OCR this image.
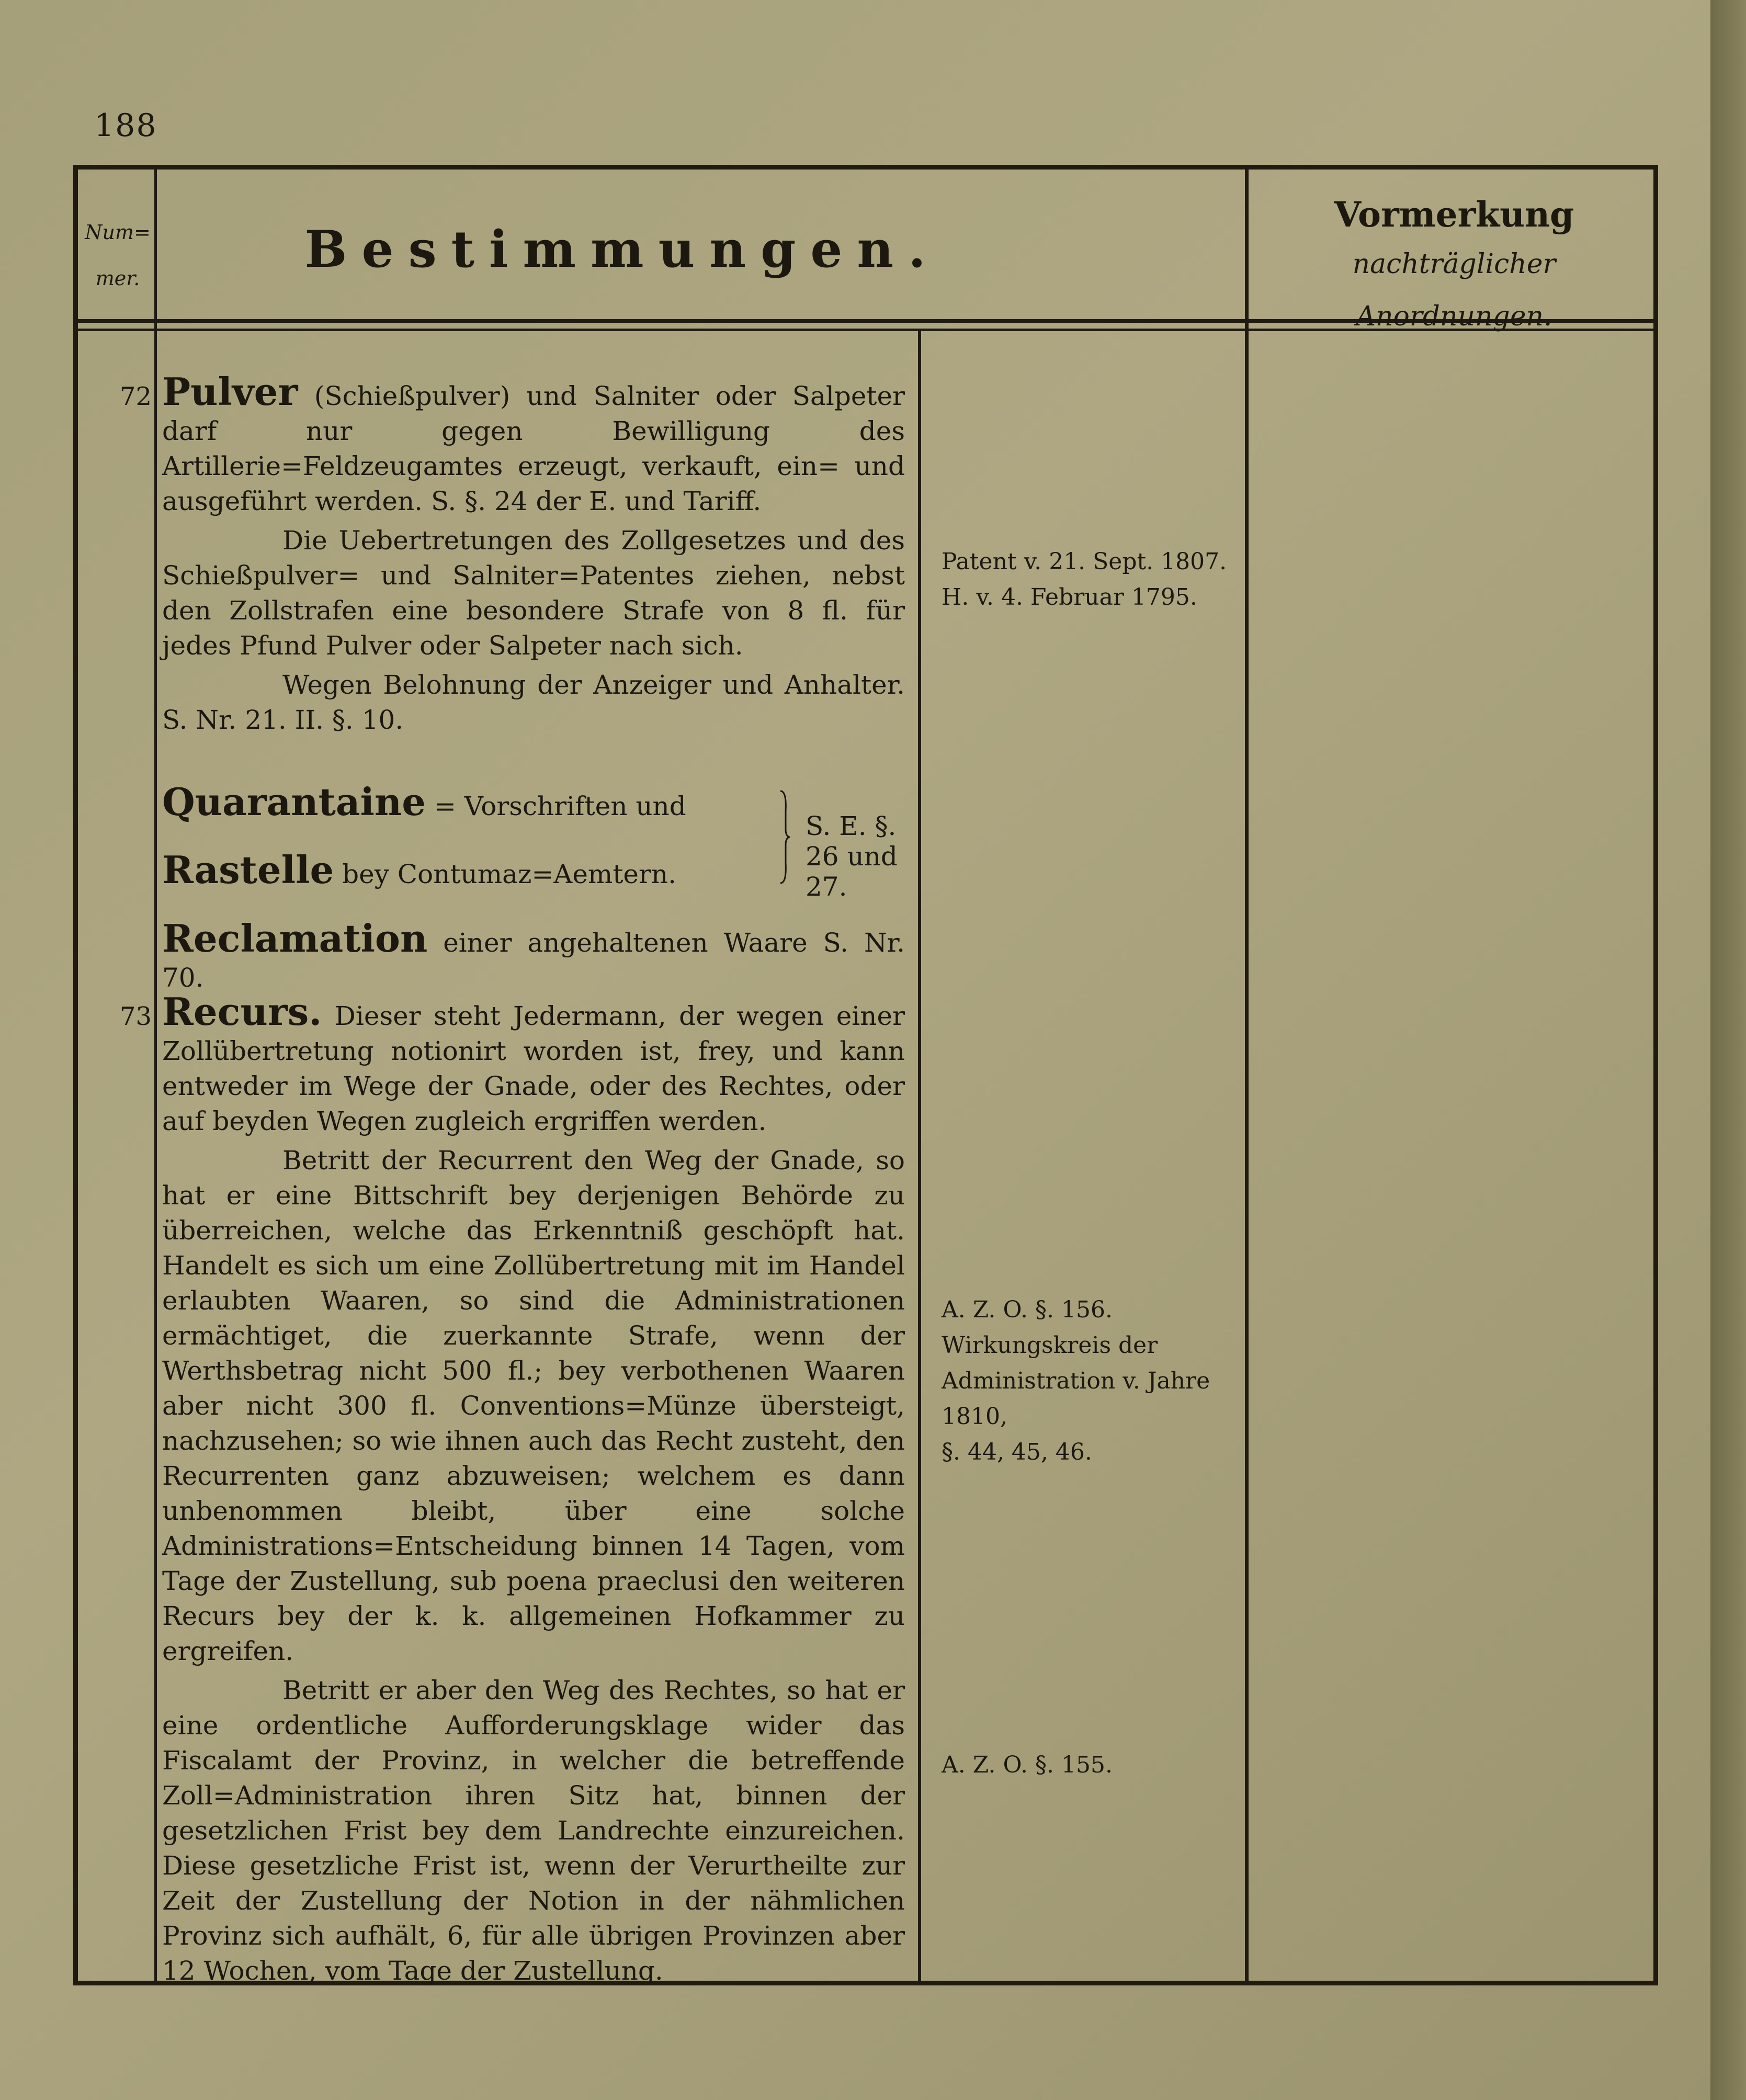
188
Num=
mer.	Bestimmungen.
Vormerkung
nachträglicher Anordnungen.
72 Pulver (Schießpulver) und Salniter oder Salpeter darf nur gegen Bewilligung des Artillerie=Feldzeugamtes erzeugt, verkauft, ein= und ausgeführt werden. S. §. 24 der E. und Tariff.

Die Uebertretungen des Zollgesetzes und des Schießpulver= und Salniter=Patentes ziehen, nebst den Zollstrafen eine besondere Strafe von 8 fl. für jedes Pfund Pulver oder Salpeter nach sich.

Wegen Belohnung der Anzeiger und Anhalter. S. Nr. 21. II. §. 10.

Quarantaine = Vorschriften und
Rastelle bey Contumaz=Aemtern.
S. E. §. 26 und 27.

Reclamation einer angehaltenen Waare S. Nr. 70.

73 Recurs. Dieser steht Jedermann, der wegen einer Zollübertretung notionirt worden ist, frey, und kann entweder im Wege der Gnade, oder des Rechtes, oder auf beyden Wegen zugleich ergriffen werden.

Betritt der Recurrent den Weg der Gnade, so hat er eine Bittschrift bey derjenigen Behörde zu überreichen, welche das Erkenntniß geschöpft hat. Handelt es sich um eine Zollübertretung mit im Handel erlaubten Waaren, so sind die Administrationen ermächtiget, die zuerkannte Strafe, wenn der Werthsbetrag nicht 500 fl.; bey verbothenen Waaren aber nicht 300 fl. Conventions=Münze übersteigt, nachzusehen; so wie ihnen auch das Recht zusteht, den Recurrenten ganz abzuweisen; welchem es dann unbenommen bleibt, über eine solche Administrations=Entscheidung binnen 14 Tagen, vom Tage der Zustellung, sub poena praeclusi den weiteren Recurs bey der k. k. allgemeinen Hofkammer zu ergreifen.

Betritt er aber den Weg des Rechtes, so hat er eine ordentliche Aufforderungsklage wider das Fiscalamt der Provinz, in welcher die betreffende Zoll=Administration ihren Sitz hat, binnen der gesetzlichen Frist bey dem Landrechte einzureichen. Diese gesetzliche Frist ist, wenn der Verurtheilte zur Zeit der Zustellung der Notion in der nähmlichen Provinz sich aufhält, 6, für alle übrigen Provinzen aber 12 Wochen, vom Tage der Zustellung.

Patent v. 21. Sept. 1807.

H. v. 4. Februar 1795.

A. Z. O. §. 156.

Wirkungskreis der Administration v. Jahre 1810,

§. 44, 45, 46.

A. Z. O. §. 155.
